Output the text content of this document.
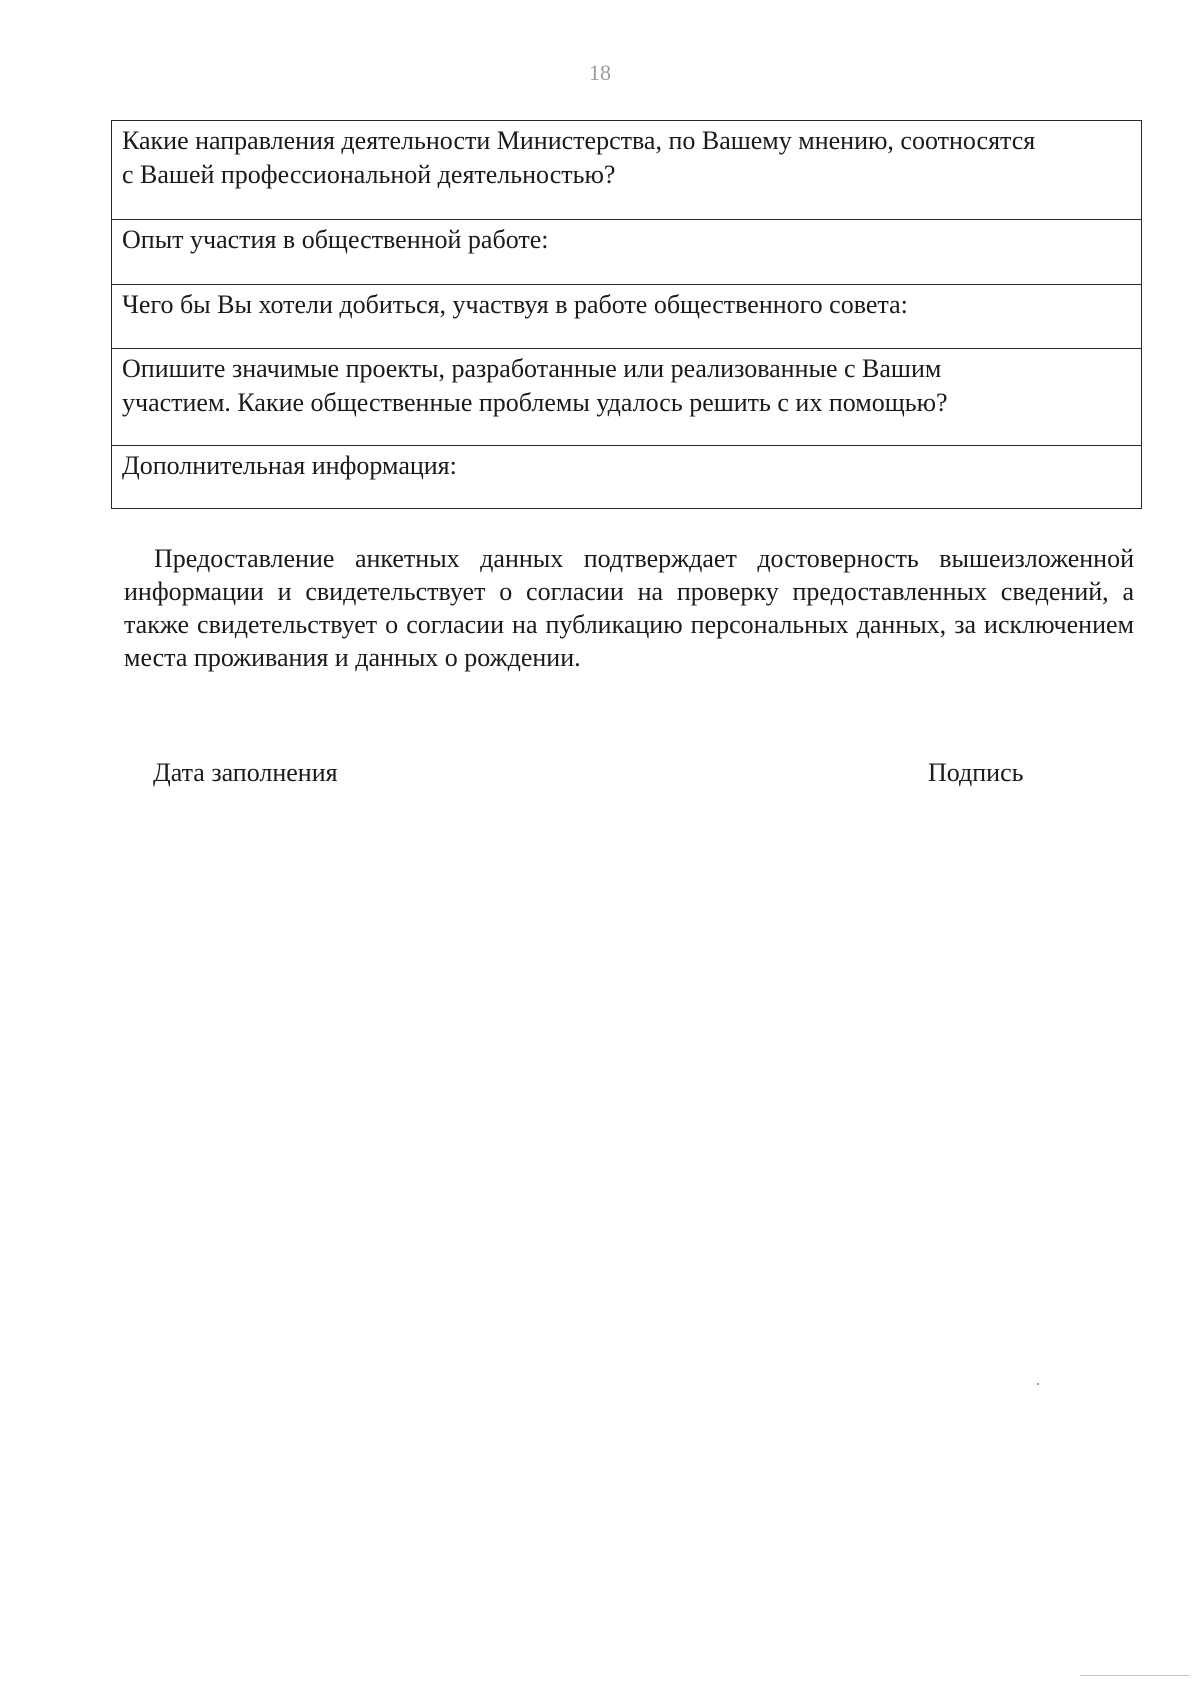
18
Какие направления деятельности Министерства, по Вашему мнению, соотносятся
с Вашей профессиональной деятельностью?
Опыт участия в общественной работе:
Чего бы Вы хотели добиться, участвуя в работе общественного совета:
Опишите значимые проекты, разработанные или реализованные с Вашим
участием. Какие общественные проблемы удалось решить с их помощью?
Дополнительная информация:

Предоставление анкетных данных подтверждает достоверность вышеизложенной информации и свидетельствует о согласии на проверку предоставленных сведений, а также свидетельствует о согласии на публикацию персональных данных, за исключением места проживания и данных о рождении.

Дата заполнения	Подпись
